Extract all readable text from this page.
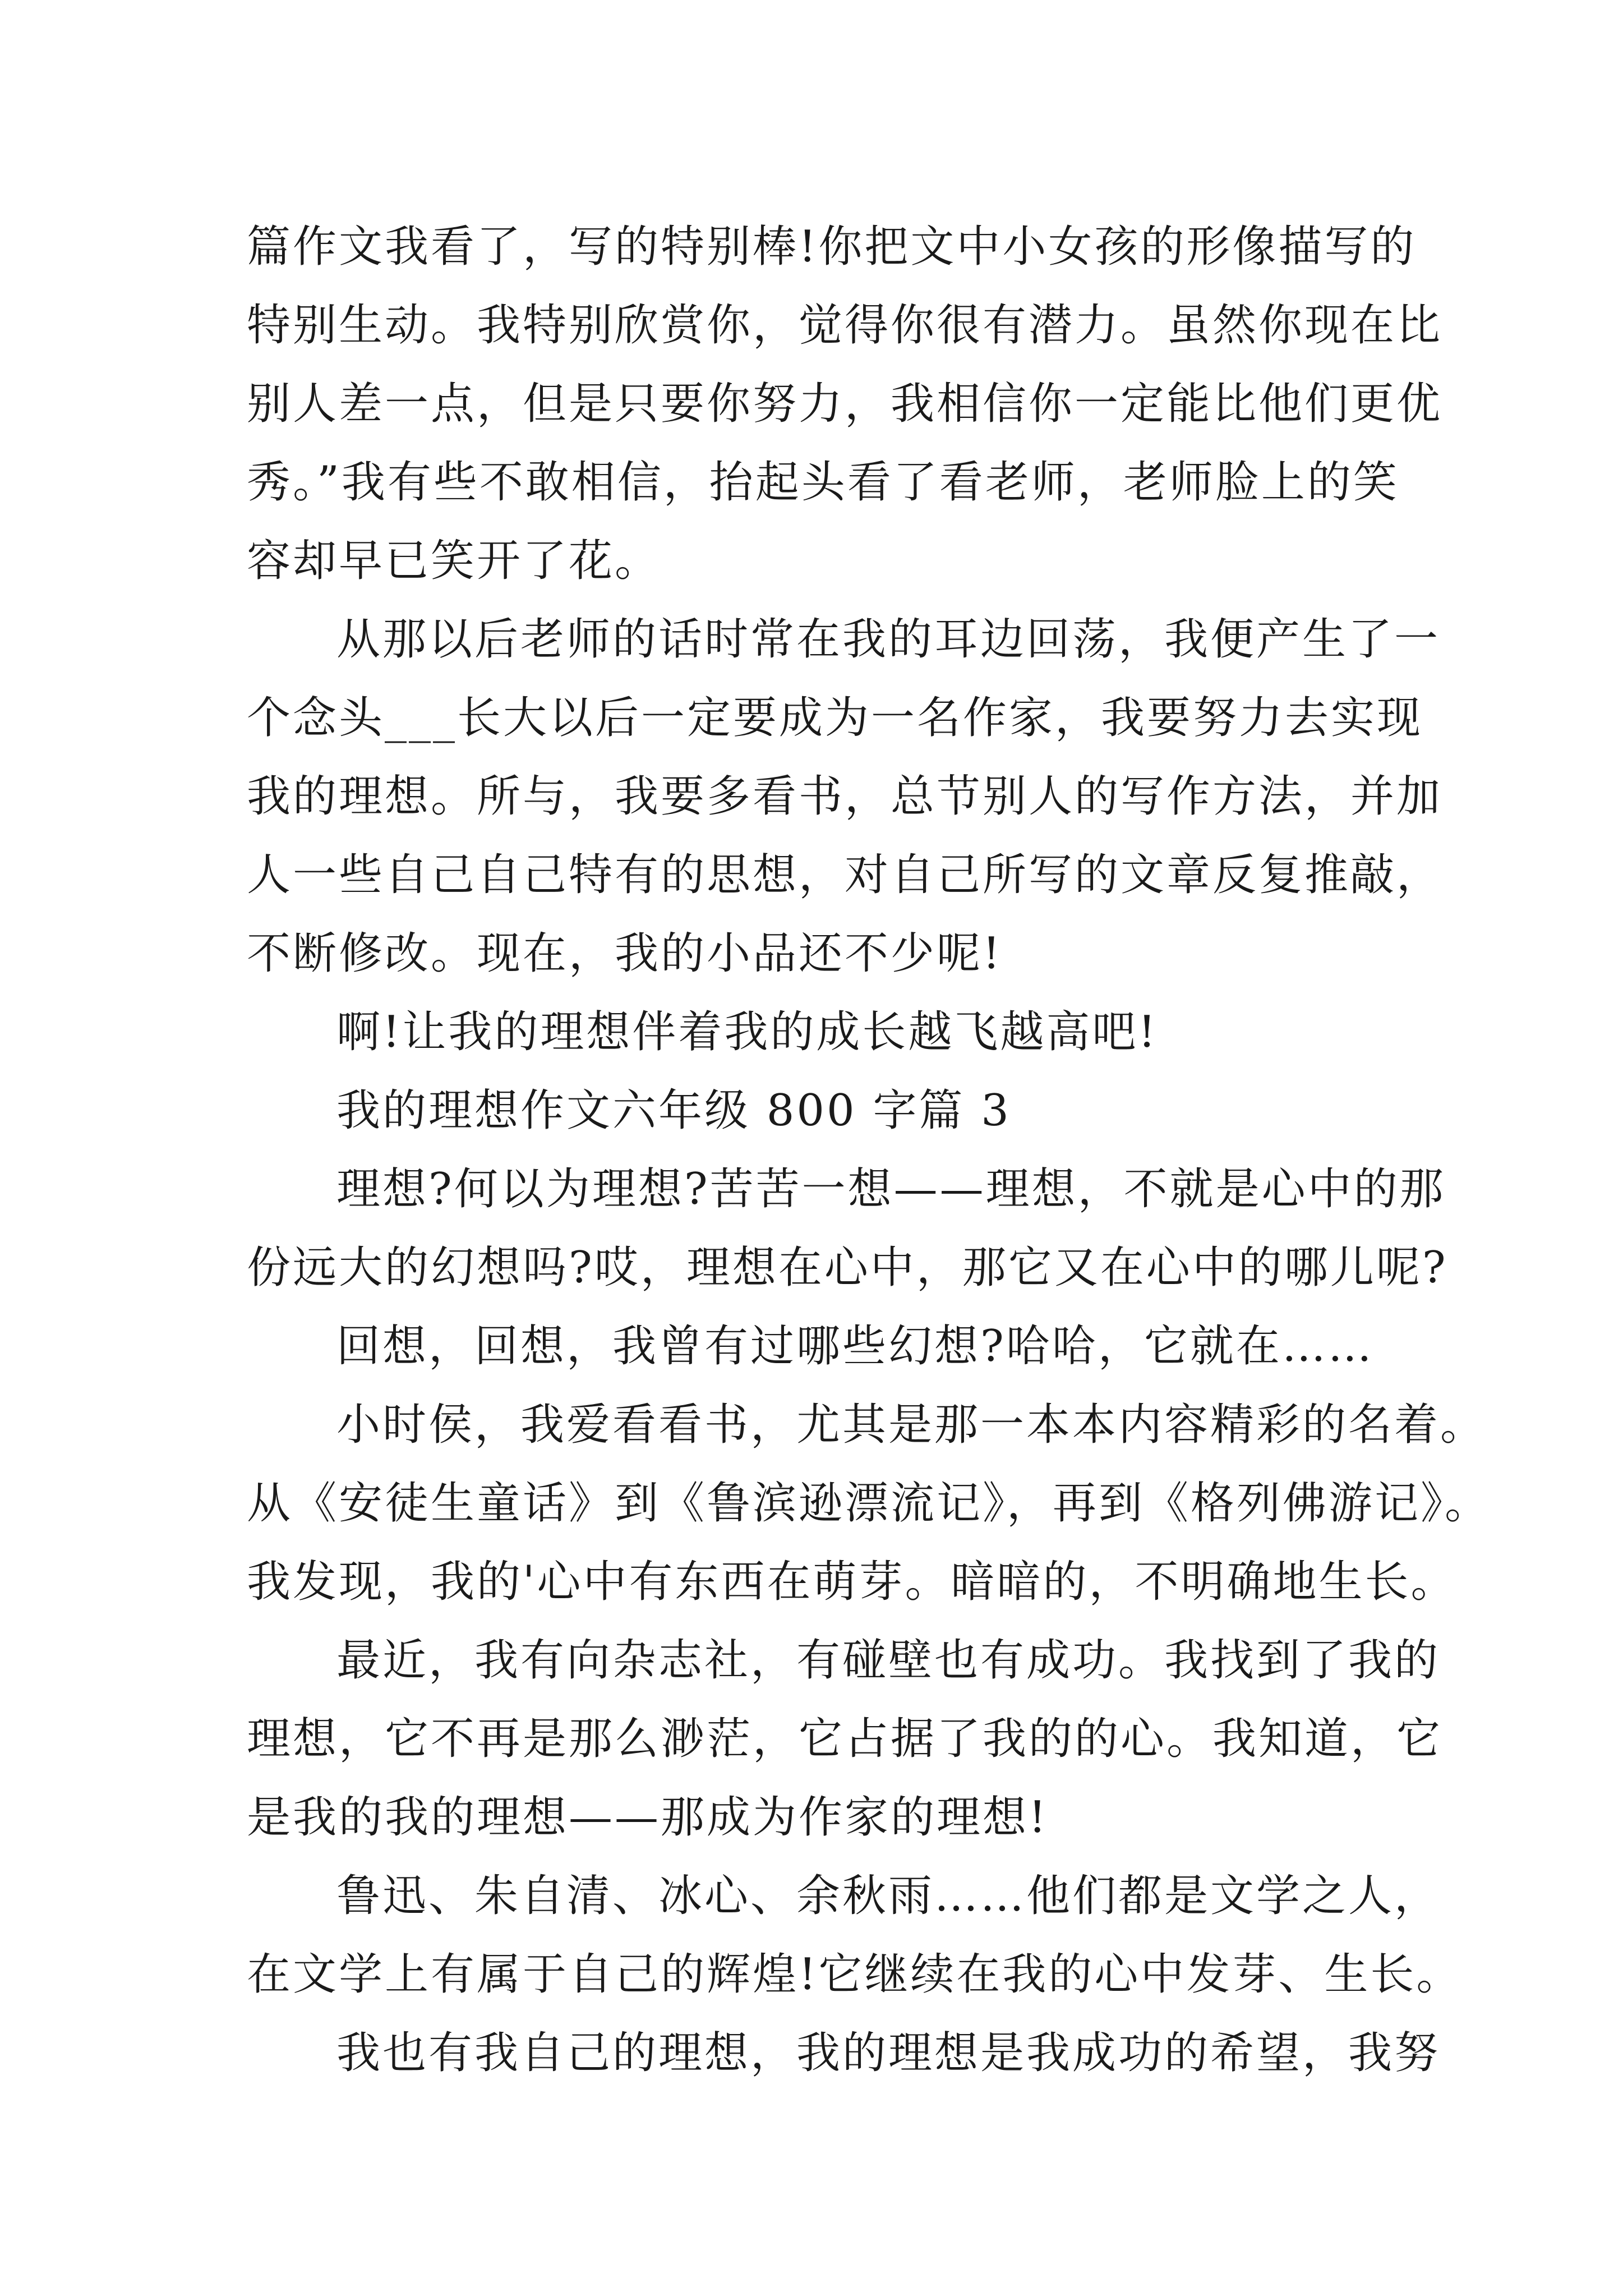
篇作文我看了，写的特别棒!你把文中小女孩的形像描写的
特别生动。我特别欣赏你，觉得你很有潜力。虽然你现在比
别人差一点，但是只要你努力，我相信你一定能比他们更优
秀。”我有些不敢相信，抬起头看了看老师，老师脸上的笑
容却早已笑开了花。
从那以后老师的话时常在我的耳边回荡，我便产生了一
个念头___长大以后一定要成为一名作家，我要努力去实现
我的理想。所与，我要多看书，总节别人的写作方法，并加
人一些自己自己特有的思想，对自己所写的文章反复推敲，
不断修改。现在，我的小品还不少呢!
啊!让我的理想伴着我的成长越飞越高吧!
我的理想作文六年级 800 字篇 3
理想?何以为理想?苦苦一想——理想，不就是心中的那
份远大的幻想吗?哎，理想在心中，那它又在心中的哪儿呢?
回想，回想，我曾有过哪些幻想?哈哈，它就在……
小时侯，我爱看看书，尤其是那一本本内容精彩的名着。
从《安徒生童话》到《鲁滨逊漂流记》，再到《格列佛游记》。
我发现，我的'心中有东西在萌芽。暗暗的，不明确地生长。
最近，我有向杂志社，有碰壁也有成功。我找到了我的
理想，它不再是那么渺茫，它占据了我的的心。我知道，它
是我的我的理想——那成为作家的理想!
鲁迅、朱自清、冰心、余秋雨……他们都是文学之人，
在文学上有属于自己的辉煌!它继续在我的心中发芽、生长。
我也有我自己的理想，我的理想是我成功的希望，我努
